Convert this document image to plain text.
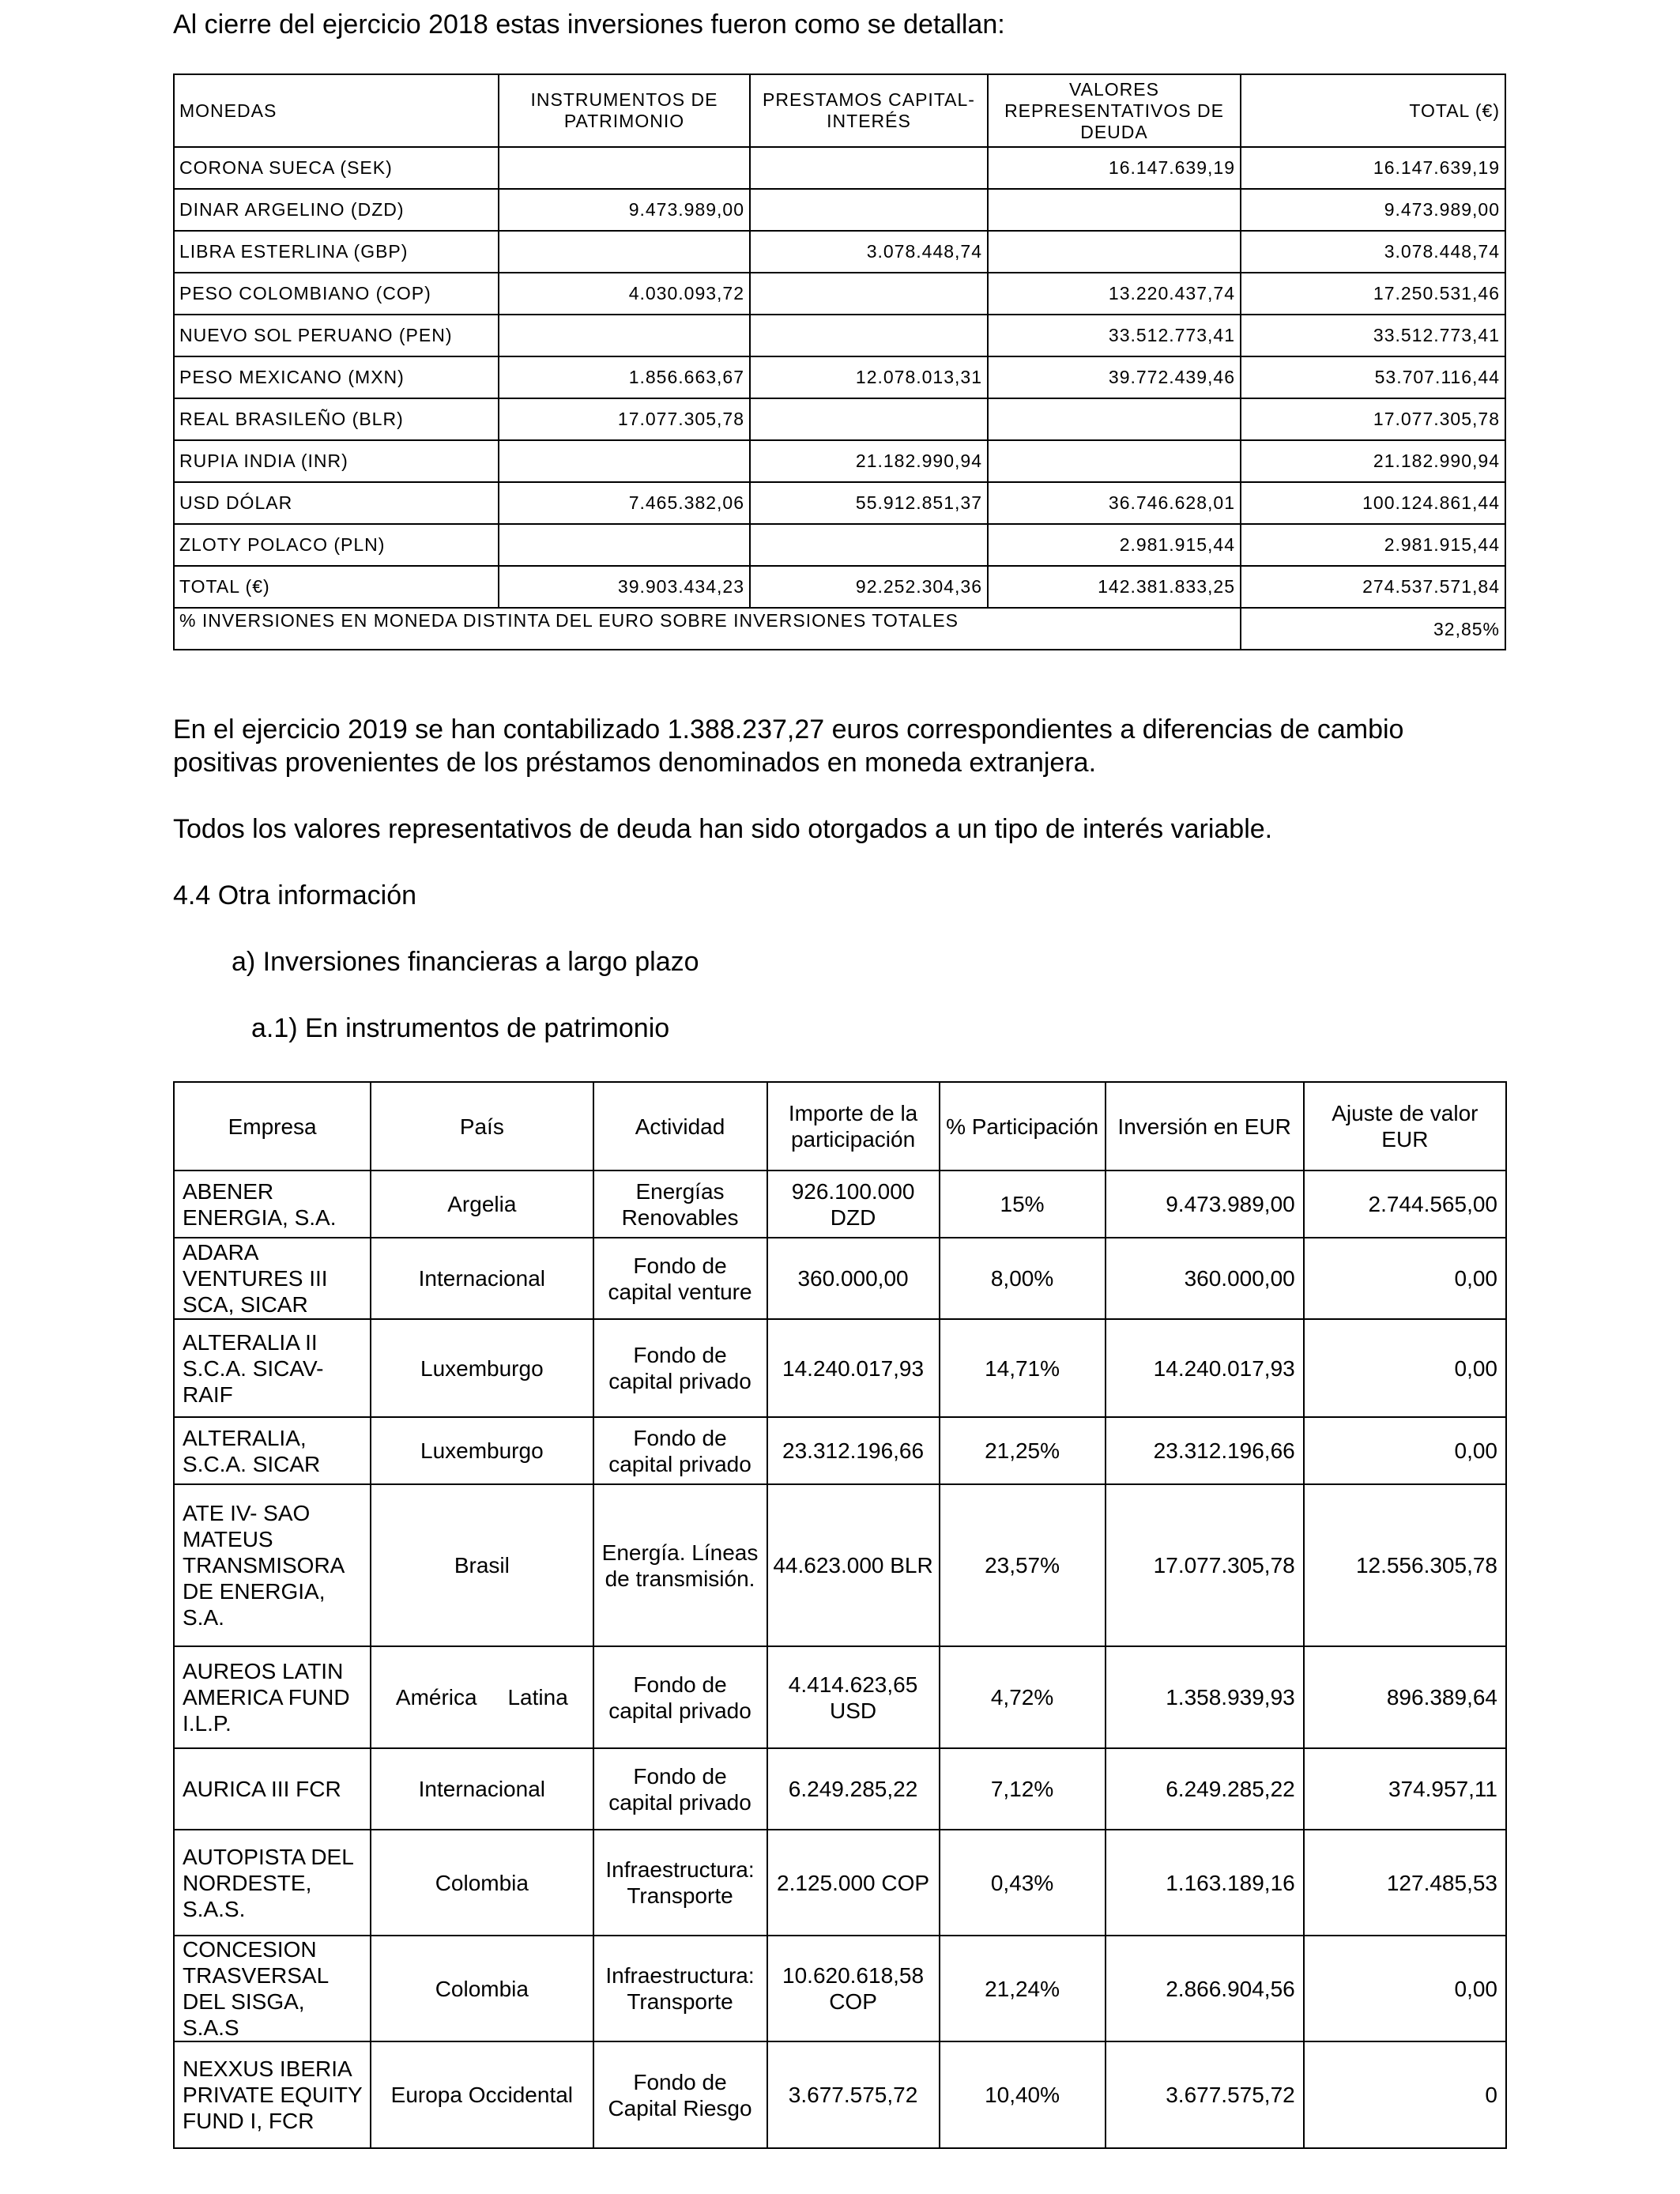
Al cierre del ejercicio 2018 estas inversiones fueron como se detallan:

MONEDAS	INSTRUMENTOS DE PATRIMONIO	PRESTAMOS CAPITAL-INTERÉS	VALORES REPRESENTATIVOS DE DEUDA	TOTAL (€)
CORONA SUECA (SEK)			16.147.639,19	16.147.639,19
DINAR ARGELINO (DZD)	9.473.989,00			9.473.989,00
LIBRA ESTERLINA (GBP)		3.078.448,74		3.078.448,74
PESO COLOMBIANO (COP)	4.030.093,72		13.220.437,74	17.250.531,46
NUEVO SOL PERUANO (PEN)			33.512.773,41	33.512.773,41
PESO MEXICANO (MXN)	1.856.663,67	12.078.013,31	39.772.439,46	53.707.116,44
REAL BRASILEÑO (BLR)	17.077.305,78			17.077.305,78
RUPIA INDIA (INR)		21.182.990,94		21.182.990,94
USD DÓLAR	7.465.382,06	55.912.851,37	36.746.628,01	100.124.861,44
ZLOTY POLACO (PLN)			2.981.915,44	2.981.915,44
TOTAL (€)	39.903.434,23	92.252.304,36	142.381.833,25	274.537.571,84
% INVERSIONES EN MONEDA DISTINTA DEL EURO SOBRE INVERSIONES TOTALES				32,85%

En el ejercicio 2019 se han contabilizado 1.388.237,27 euros correspondientes a diferencias de cambio positivas provenientes de los préstamos denominados en moneda extranjera.

Todos los valores representativos de deuda han sido otorgados a un tipo de interés variable.

4.4 Otra información

a) Inversiones financieras a largo plazo

a.1) En instrumentos de patrimonio

Empresa	País	Actividad	Importe de la participación	% Participación	Inversión en EUR	Ajuste de valor EUR
ABENER ENERGIA, S.A.	Argelia	Energías Renovables	926.100.000 DZD	15%	9.473.989,00	2.744.565,00
ADARA VENTURES III SCA, SICAR	Internacional	Fondo de capital venture	360.000,00	8,00%	360.000,00	0,00
ALTERALIA II S.C.A. SICAV-RAIF	Luxemburgo	Fondo de capital privado	14.240.017,93	14,71%	14.240.017,93	0,00
ALTERALIA, S.C.A. SICAR	Luxemburgo	Fondo de capital privado	23.312.196,66	21,25%	23.312.196,66	0,00
ATE IV- SAO MATEUS TRANSMISORA DE ENERGIA, S.A.	Brasil	Energía. Líneas de transmisión.	44.623.000 BLR	23,57%	17.077.305,78	12.556.305,78
AUREOS LATIN AMERICA FUND I.L.P.	América     Latina	Fondo de capital privado	4.414.623,65 USD	4,72%	1.358.939,93	896.389,64
AURICA III FCR	Internacional	Fondo de capital privado	6.249.285,22	7,12%	6.249.285,22	374.957,11
AUTOPISTA DEL NORDESTE, S.A.S.	Colombia	Infraestructura: Transporte	2.125.000 COP	0,43%	1.163.189,16	127.485,53
CONCESION TRASVERSAL DEL SISGA, S.A.S	Colombia	Infraestructura: Transporte	10.620.618,58 COP	21,24%	2.866.904,56	0,00
NEXXUS IBERIA PRIVATE EQUITY FUND I, FCR	Europa Occidental	Fondo de Capital Riesgo	3.677.575,72	10,40%	3.677.575,72	0
